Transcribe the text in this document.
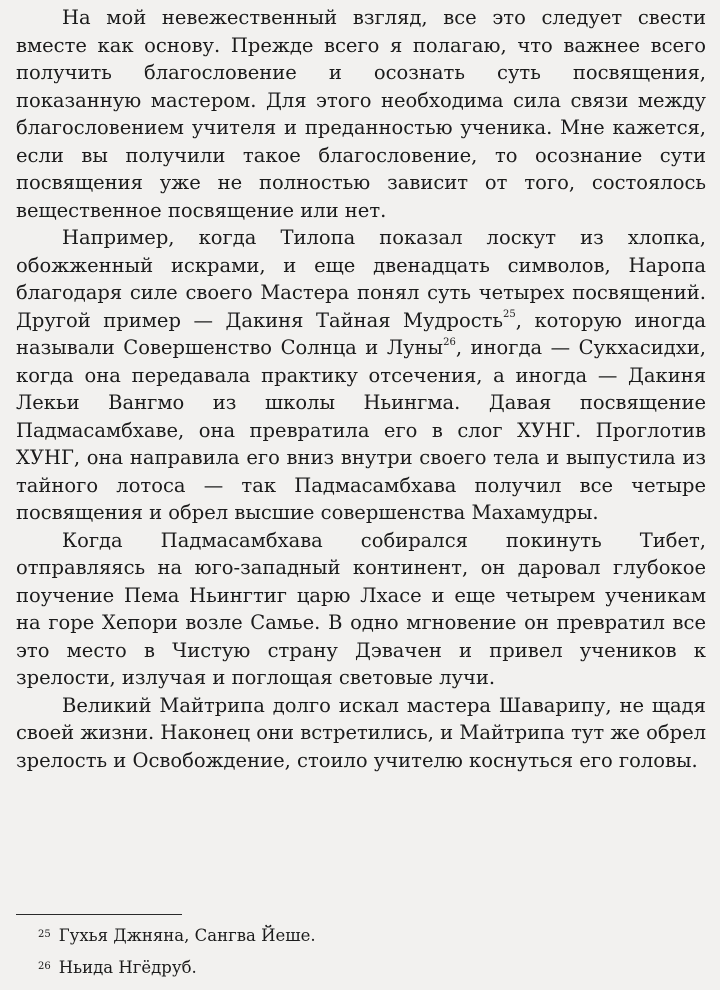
На мой невежественный взгляд, все это следует свести вместе как основу. Прежде всего я полагаю, что важнее всего получить благословение и осознать суть посвящения, показанную мастером. Для этого необходима сила связи между благословением учителя и преданностью ученика. Мне кажется, если вы получили такое благословение, то осознание сути посвящения уже не полностью зависит от того, состоялось вещественное посвящение или нет.

Например, когда Тилопа показал лоскут из хлопка, обожженный искрами, и еще двенадцать символов, Наропа благодаря силе своего Мастера понял суть четырех посвящений. Другой пример — Дакиня Тайная Мудрость$^{25}$, которую иногда называли Совершенство Солнца и Луны$^{26}$, иногда — Сукхасидхи, когда она передавала практику отсечения, а иногда — Дакиня Лекьи Вангмо из школы Ньингма. Давая посвящение Падмасамбхаве, она превратила его в слог ХУНГ. Проглотив ХУНГ, она направила его вниз внутри своего тела и выпустила из тайного лотоса — так Падмасамбхава получил все четыре посвящения и обрел высшие совершенства Махамудры.

Когда Падмасамбхава собирался покинуть Тибет, отправляясь на юго-западный континент, он даровал глубокое поучение Пема Ньингтиг царю Лхасе и еще четырем ученикам на горе Хепори возле Самье. В одно мгновение он превратил все это место в Чистую страну Дэвачен и привел учеников к зрелости, излучая и поглощая световые лучи.

Великий Майтрипа долго искал мастера Шаварипу, не щадя своей жизни. Наконец они встретились, и Майтрипа тут же обрел зрелость и Освобождение, стоило учителю коснуться его головы.

$^{25}$ Гухья Джняна, Сангва Йеше.

$^{26}$ Ньида Нгёдруб.
